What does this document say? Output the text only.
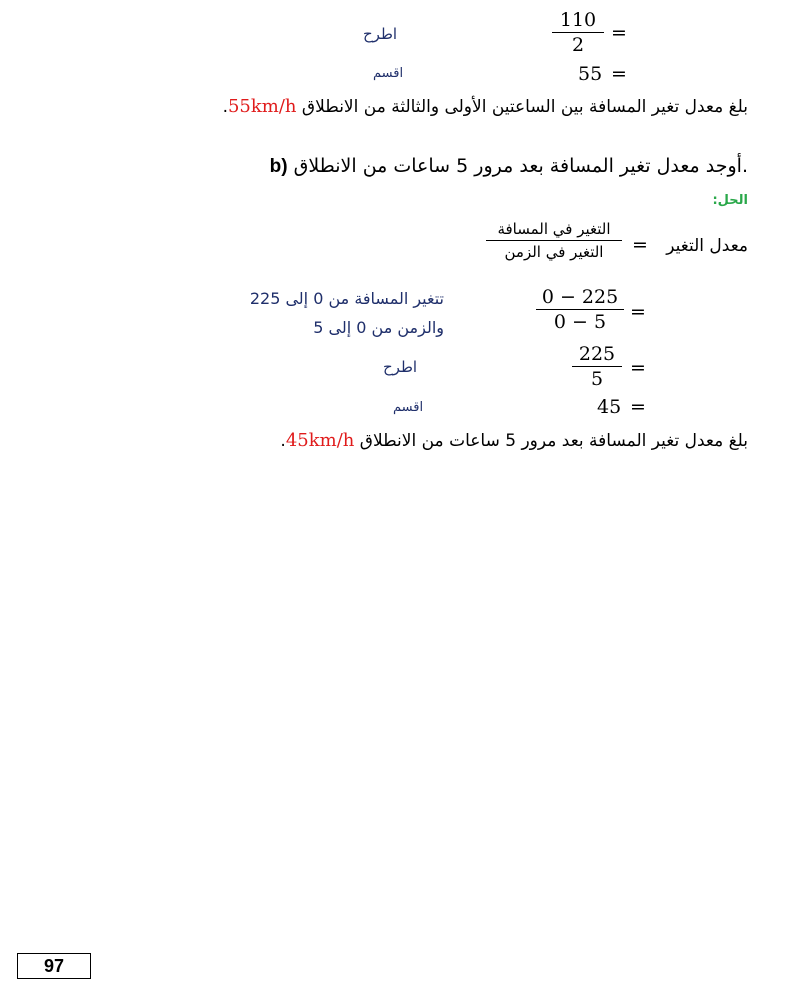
110
2
=
اطرح
55 =
اقسم
بلغ معدل تغير المسافة بين الساعتين الأولى والثالثة من الانطلاق 55km/h.
b) أوجد معدل تغير المسافة بعد مرور 5 ساعات من الانطلاق.
الحل:
معدل التغير
=
التغير في المسافة
التغير في الزمن
0 − 225
0 − 5 =
تتغير المسافة من 0 إلى 225
والزمن من 0 إلى 5
225
5 =
اطرح
45 =
اقسم
بلغ معدل تغير المسافة بعد مرور 5 ساعات من الانطلاق 45km/h.
97
